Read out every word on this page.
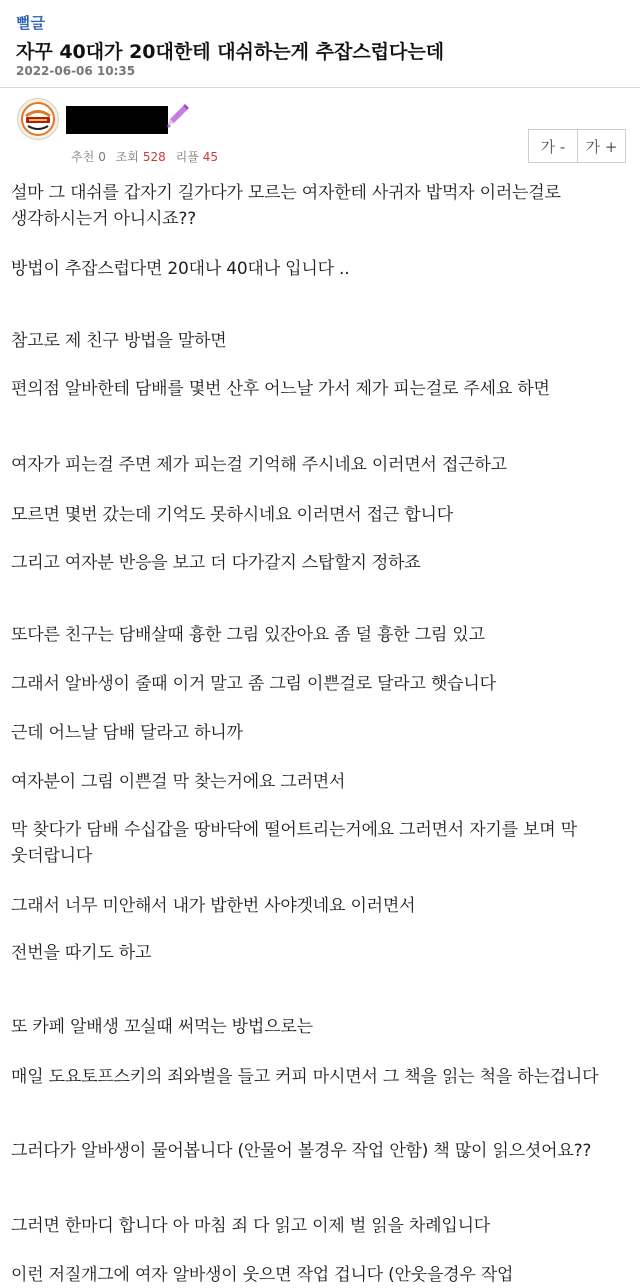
뻘글
자꾸 40대가 20대한테 대쉬하는게 추잡스럽다는데
2022-06-06 10:35
추천 0 조회 528 리플 45
가 -	가 +

설마 그 대쉬를 갑자기 길가다가 모르는 여자한테 사귀자 밥먹자 이러는걸로 생각하시는거 아니시죠??

방법이 추잡스럽다면 20대나 40대나 입니다 ..

참고로 제 친구 방법을 말하면

편의점 알바한테 담배를 몇번 산후 어느날 가서 제가 피는걸로 주세요 하면

여자가 피는걸 주면 제가 피는걸 기억해 주시네요 이러면서 접근하고

모르면 몇번 갔는데 기억도 못하시네요 이러면서 접근 합니다

그리고 여자분 반응을 보고 더 다가갈지 스탑할지 정하죠

또다른 친구는 담배살때 흉한 그림 있잔아요 좀 덜 흉한 그림 있고

그래서 알바생이 줄때 이거 말고 좀 그림 이쁜걸로 달라고 햇습니다

근데 어느날 담배 달라고 하니까

여자분이 그림 이쁜걸 막 찾는거에요 그러면서

막 찾다가 담배 수십갑을 땅바닥에 떨어트리는거에요 그러면서 자기를 보며 막 웃더랍니다

그래서 너무 미안해서 내가 밥한번 사야겟네요 이러면서

전번을 따기도 하고

또 카페 알배생 꼬실때 써먹는 방법으로는

매일 도요토프스키의 죄와벌을 들고 커피 마시면서 그 책을 읽는 척을 하는겁니다

그러다가 알바생이 물어봅니다 (안물어 볼경우 작업 안함) 책 많이 읽으셧어요??

그러면 한마디 합니다 아 마침 죄 다 읽고 이제 벌 읽을 차례입니다

이런 저질개그에 여자 알바생이 웃으면 작업 겁니다 (안웃을경우 작업
